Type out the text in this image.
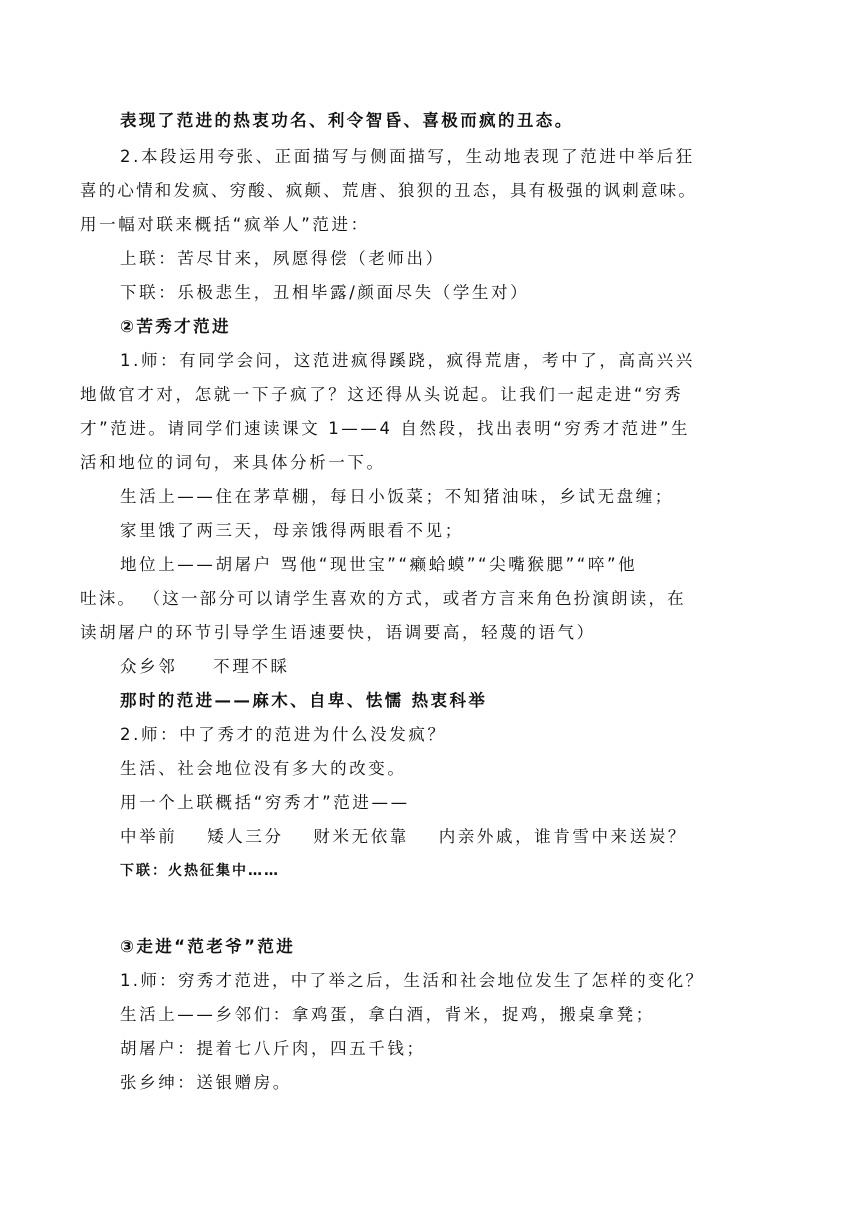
表现了范进的热衷功名、利令智昏、喜极而疯的丑态。
2.本段运用夸张、正面描写与侧面描写，生动地表现了范进中举后狂
喜的心情和发疯、穷酸、疯颠、荒唐、狼狈的丑态，具有极强的讽刺意味。
用一幅对联来概括“疯举人”范进：
上联：苦尽甘来，夙愿得偿（老师出）
下联：乐极悲生，丑相毕露/颜面尽失（学生对）
②苦秀才范进
1.师：有同学会问，这范进疯得蹊跷，疯得荒唐，考中了，高高兴兴
地做官才对，怎就一下子疯了？这还得从头说起。让我们一起走进“穷秀
才”范进。请同学们速读课文 1——4 自然段，找出表明“穷秀才范进”生
活和地位的词句，来具体分析一下。
生活上——住在茅草棚，每日小饭菜；不知猪油味，乡试无盘缠；
家里饿了两三天，母亲饿得两眼看不见；
地位上——胡屠户 骂他“现世宝”“癞蛤蟆”“尖嘴猴腮”“啐”他
吐沫。 （这一部分可以请学生喜欢的方式，或者方言来角色扮演朗读，在
读胡屠户的环节引导学生语速要快，语调要高，轻蔑的语气）
众乡邻 不理不睬
那时的范进——麻木、自卑、怯懦 热衷科举
2.师：中了秀才的范进为什么没发疯？
生活、社会地位没有多大的改变。
用一个上联概括“穷秀才”范进——
中举前 矮人三分 财米无依靠 内亲外戚，谁肯雪中来送炭？
下联：火热征集中……
③走进“范老爷”范进
1.师：穷秀才范进，中了举之后，生活和社会地位发生了怎样的变化？
生活上——乡邻们：拿鸡蛋，拿白酒，背米，捉鸡，搬桌拿凳；
胡屠户：提着七八斤肉，四五千钱；
张乡绅：送银赠房。
